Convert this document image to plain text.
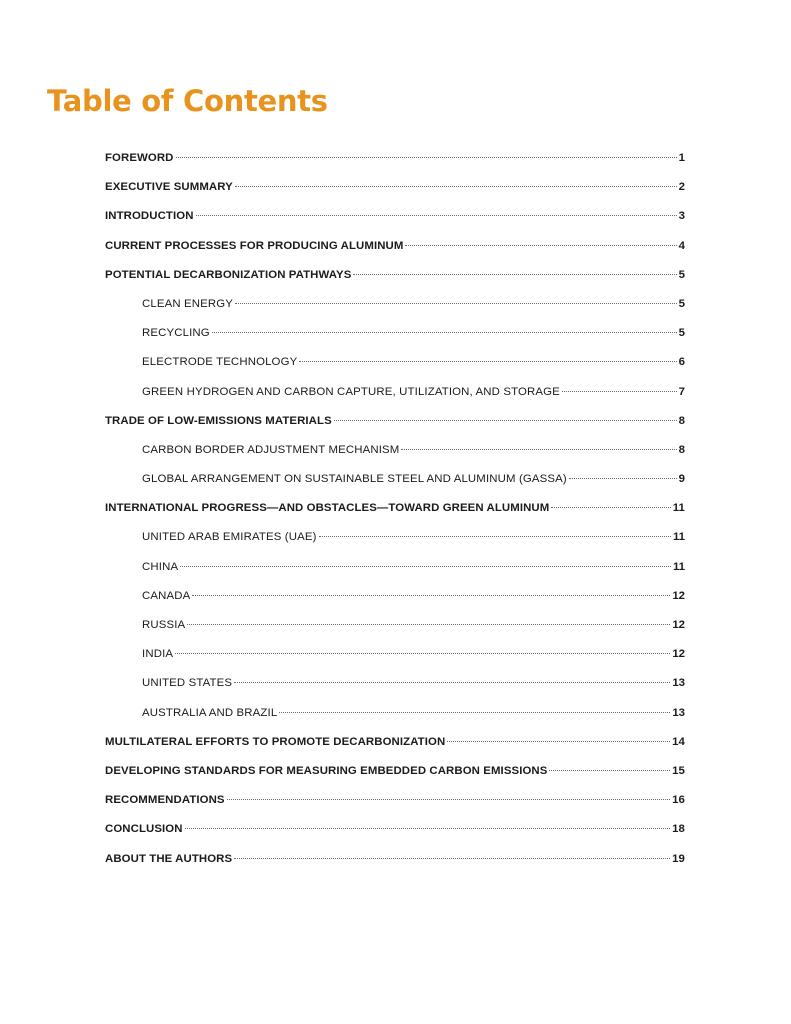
Table of Contents
FOREWORD	1
EXECUTIVE SUMMARY	2
INTRODUCTION	3
CURRENT PROCESSES FOR PRODUCING ALUMINUM	4
POTENTIAL DECARBONIZATION PATHWAYS	5
CLEAN ENERGY	5
RECYCLING	5
ELECTRODE TECHNOLOGY	6
GREEN HYDROGEN AND CARBON CAPTURE, UTILIZATION, AND STORAGE	7
TRADE OF LOW-EMISSIONS MATERIALS	8
CARBON BORDER ADJUSTMENT MECHANISM	8
GLOBAL ARRANGEMENT ON SUSTAINABLE STEEL AND ALUMINUM (GASSA)	9
INTERNATIONAL PROGRESS—AND OBSTACLES—TOWARD GREEN ALUMINUM	11
UNITED ARAB EMIRATES (UAE)	11
CHINA	11
CANADA	12
RUSSIA	12
INDIA	12
UNITED STATES	13
AUSTRALIA AND BRAZIL	13
MULTILATERAL EFFORTS TO PROMOTE DECARBONIZATION	14
DEVELOPING STANDARDS FOR MEASURING EMBEDDED CARBON EMISSIONS	15
RECOMMENDATIONS	16
CONCLUSION	18
ABOUT THE AUTHORS	19
